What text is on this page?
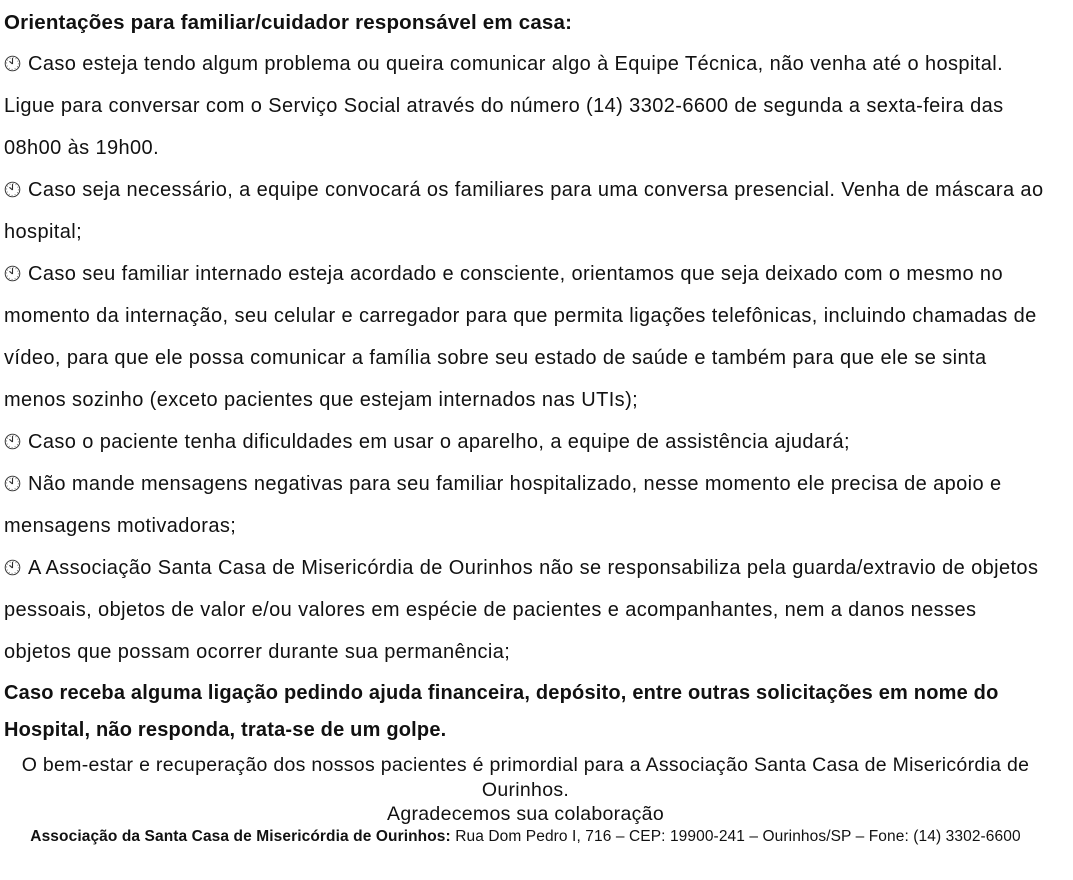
Orientações para familiar/cuidador responsável em casa:

Caso esteja tendo algum problema ou queira comunicar algo à Equipe Técnica, não venha até o hospital. Ligue para conversar com o Serviço Social através do número (14) 3302-6600 de segunda a sexta-feira das 08h00 às 19h00.

Caso seja necessário, a equipe convocará os familiares para uma conversa presencial. Venha de máscara ao hospital;

Caso seu familiar internado esteja acordado e consciente, orientamos que seja deixado com o mesmo no momento da internação, seu celular e carregador para que permita ligações telefônicas, incluindo chamadas de vídeo, para que ele possa comunicar a família sobre seu estado de saúde e também para que ele se sinta menos sozinho (exceto pacientes que estejam internados nas UTIs);

Caso o paciente tenha dificuldades em usar o aparelho, a equipe de assistência ajudará;

Não mande mensagens negativas para seu familiar hospitalizado, nesse momento ele precisa de apoio e mensagens motivadoras;

A Associação Santa Casa de Misericórdia de Ourinhos não se responsabiliza pela guarda/extravio de objetos pessoais, objetos de valor e/ou valores em espécie de pacientes e acompanhantes, nem a danos nesses objetos que possam ocorrer durante sua permanência;

Caso receba alguma ligação pedindo ajuda financeira, depósito, entre outras solicitações em nome do Hospital, não responda, trata-se de um golpe.

O bem-estar e recuperação dos nossos pacientes é primordial para a Associação Santa Casa de Misericórdia de Ourinhos.

Agradecemos sua colaboração

Associação da Santa Casa de Misericórdia de Ourinhos: Rua Dom Pedro I, 716 – CEP: 19900-241 – Ourinhos/SP – Fone: (14) 3302-6600
